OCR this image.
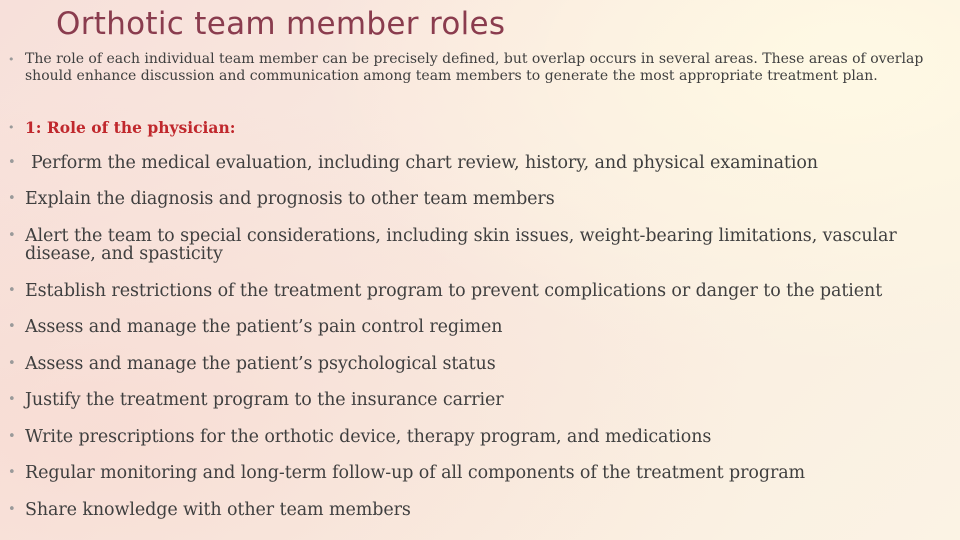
Orthotic team member roles
• The role of each individual team member can be precisely defined, but overlap occurs in several areas. These areas of overlap should enhance discussion and communication among team members to generate the most appropriate treatment plan.
• 1: Role of the physician:
• Perform the medical evaluation, including chart review, history, and physical examination
• Explain the diagnosis and prognosis to other team members
• Alert the team to special considerations, including skin issues, weight-bearing limitations, vascular disease, and spasticity
• Establish restrictions of the treatment program to prevent complications or danger to the patient
• Assess and manage the patient’s pain control regimen
• Assess and manage the patient’s psychological status
• Justify the treatment program to the insurance carrier
• Write prescriptions for the orthotic device, therapy program, and medications
• Regular monitoring and long-term follow-up of all components of the treatment program
• Share knowledge with other team members
